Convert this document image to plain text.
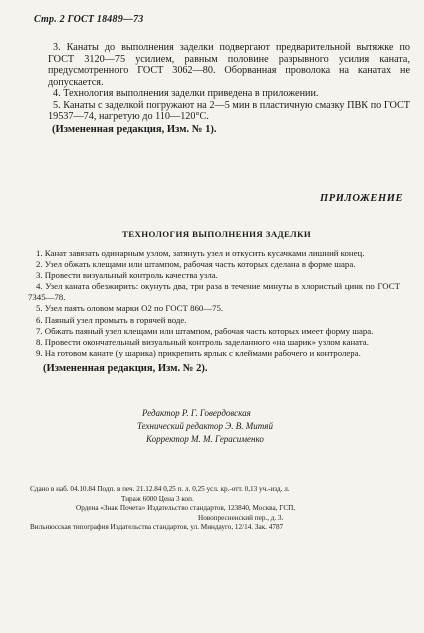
Стр. 2 ГОСТ 18489—73

3. Канаты до выполнения заделки подвергают предварительной вытяжке по ГОСТ 3120—75 усилием, равным половине разрывного усилия каната, предусмотренного ГОСТ 3062—80. Оборванная проволока на канатах не допускается.

4. Технология выполнения заделки приведена в приложении.

5. Канаты с заделкой погружают на 2—5 мин в пластичную смазку ПВК по ГОСТ 19537—74, нагретую до 110—120°С.

(Измененная редакция, Изм. № 1).

ПРИЛОЖЕНИЕ
ТЕХНОЛОГИЯ ВЫПОЛНЕНИЯ ЗАДЕЛКИ

1. Канат завязать одинарным узлом, затянуть узел и откусить кусачками лишний конец.

2. Узел обжать клещами или штампом, рабочая часть которых сделана в форме шара.

3. Провести визуальный контроль качества узла.

4. Узел каната обезжирить: окунуть два, три раза в течение минуты в хлористый цинк по ГОСТ 7345—78.

5. Узел паять оловом марки О2 по ГОСТ 860—75.

6. Паяный узел промыть в горячей воде.

7. Обжать паяный узел клещами или штампом, рабочая часть которых имеет форму шара.

8. Провести окончательный визуальный контроль заделанного «на шарик» узлом каната.

9. На готовом канате (у шарика) прикрепить ярлык с клеймами рабочего и контролера.

(Измененная редакция, Изм. № 2).

Редактор Р. Г. Говердовская
Технический редактор Э. В. Митяй
Корректор М. М. Герасименко
Сдано в наб. 04.10.84 Подп. в печ. 21.12.84 0,25 п. л. 0,25 усл. кр.-отт. 0,13 уч.-изд. л.
Тираж 6000 Цена 3 коп.
Ордена «Знак Почета» Издательство стандартов, 123840, Москва, ГСП,
Новопресненский пер., д. 3.
Вильнюсская типография Издательства стандартов, ул. Миндауго, 12/14. Зак. 4787
